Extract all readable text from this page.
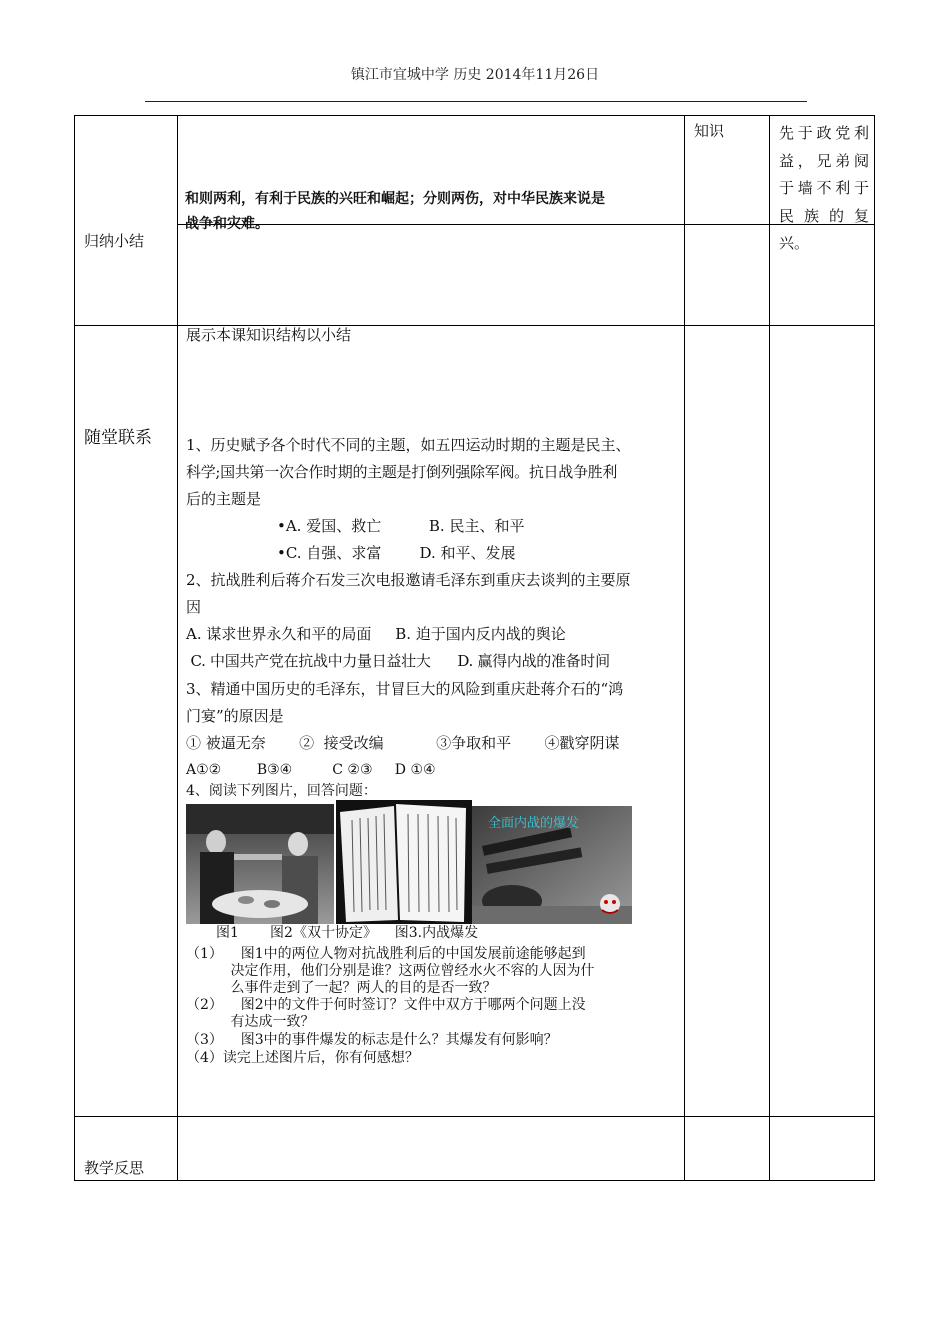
镇江市宜城中学 历史 2014年11月26日
归纳小结
和则两利，有利于民族的兴旺和崛起；分则两伤，对中华民族来说是
战争和灾难。
知识	先于政党利
益，兄弟阋
于墙不利于
民 族 的 复
兴。
随堂联系
展示本课知识结构以小结
1、历史赋予各个时代不同的主题，如五四运动时期的主题是民主、
科学;国共第一次合作时期的主题是打倒列强除军阀。抗日战争胜利
后的主题是
•A. 爱国、救亡          B. 民主、和平
•C. 自强、求富        D. 和平、发展
2、抗战胜利后蒋介石发三次电报邀请毛泽东到重庆去谈判的主要原
因
A. 谋求世界永久和平的局面     B. 迫于国内反内战的舆论
C. 中国共产党在抗战中力量日益壮大      D. 赢得内战的准备时间
3、精通中国历史的毛泽东，甘冒巨大的风险到重庆赴蒋介石的“鸿
门宴”的原因是
① 被逼无奈       ②  接受改编           ③争取和平       ④戳穿阴谋
A①②        B③④         C ②③     D ①④
4、阅读下列图片，回答问题：
全面内战的爆发
图1       图2《双十协定》    图3.内战爆发
（1）    图1中的两位人物对抗战胜利后的中国发展前途能够起到
决定作用，他们分别是谁？这两位曾经水火不容的人因为什
么事件走到了一起？两人的目的是否一致？
（2）    图2中的文件于何时签订？文件中双方于哪两个问题上没
有达成一致？
（3）    图3中的事件爆发的标志是什么？其爆发有何影响？
（4）读完上述图片后，你有何感想？
教学反思
